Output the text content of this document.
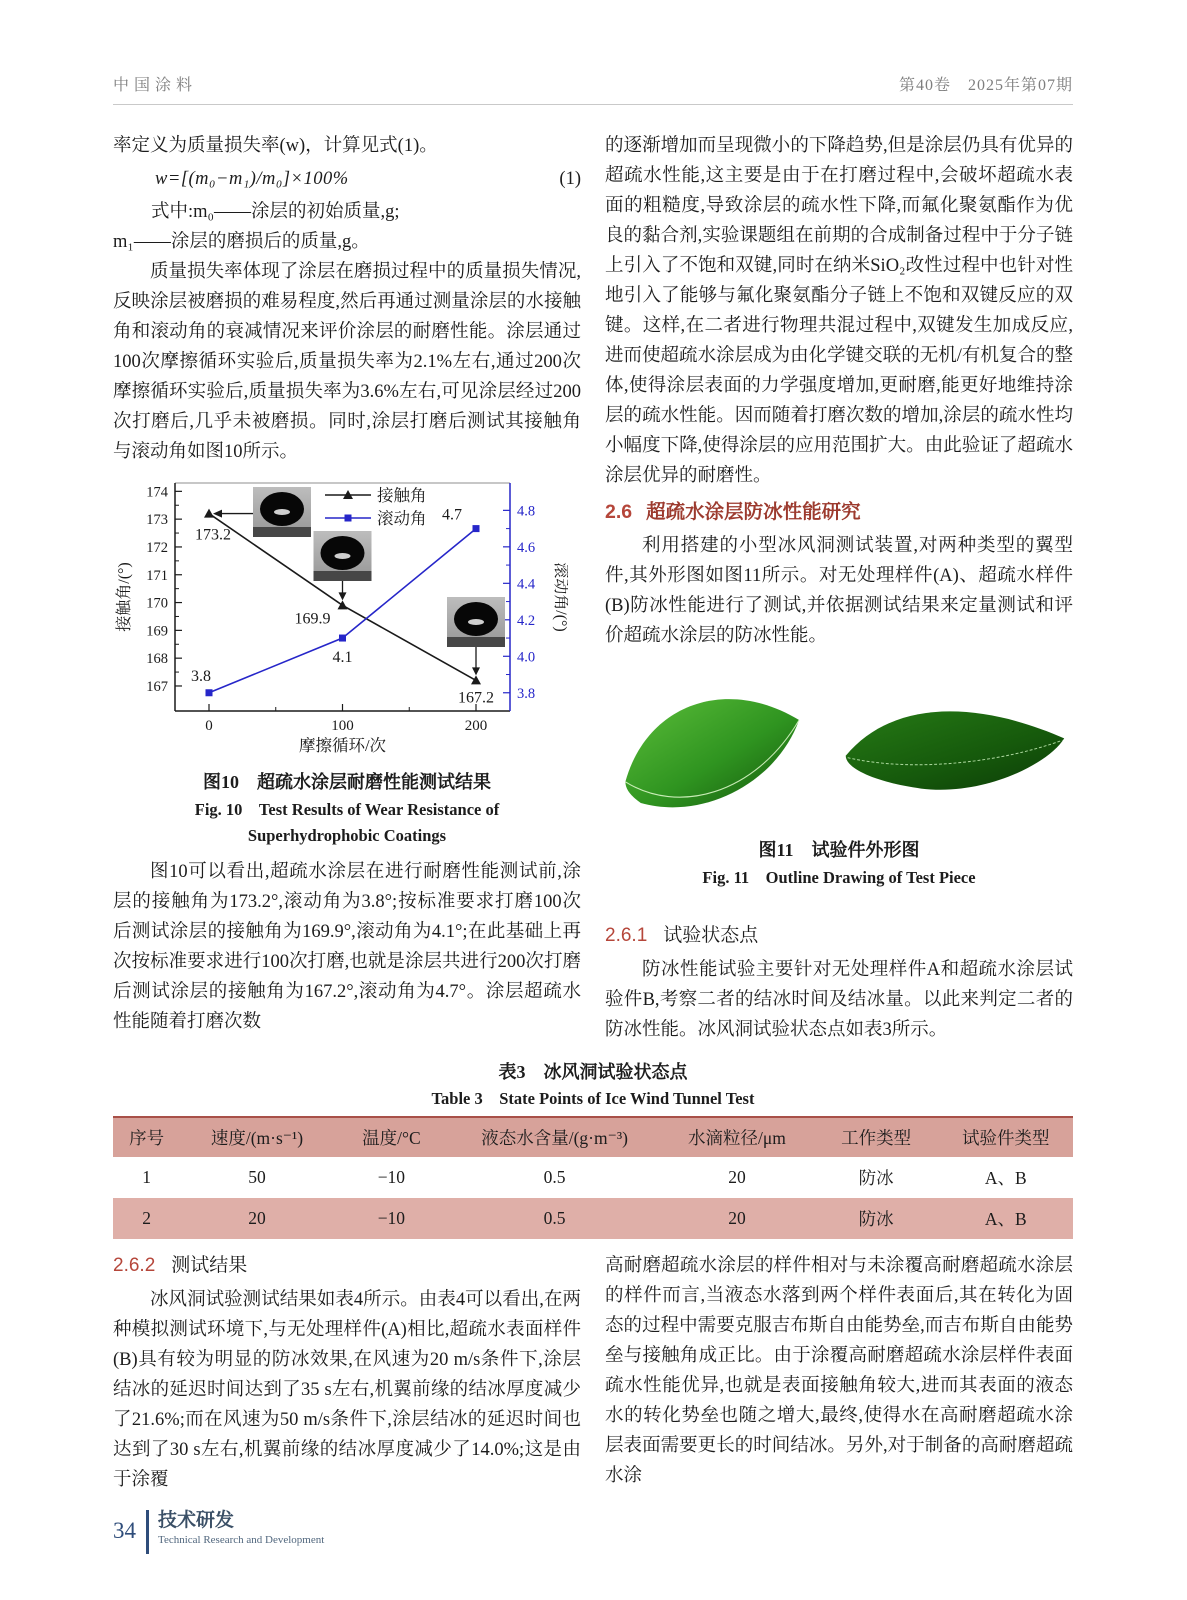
中国涂料	第40卷　2025年第07期

率定义为质量损失率(w)，计算见式(1)。

w=[(m₀−m₁)/m₀]×100%	(1)

式中:m₀——涂层的初始质量,g;

m₁——涂层的磨损后的质量,g。

质量损失率体现了涂层在磨损过程中的质量损失情况,反映涂层被磨损的难易程度,然后再通过测量涂层的水接触角和滚动角的衰减情况来评价涂层的耐磨性能。涂层通过100次摩擦循环实验后,质量损失率为2.1%左右,通过200次摩擦循环实验后,质量损失率为3.6%左右,可见涂层经过200次打磨后,几乎未被磨损。同时,涂层打磨后测试其接触角与滚动角如图10所示。

167
168
169
170
171
172
173
174
3.8
4.0
4.2
4.4
4.6
4.8
0	100	200
接触角/(°)	滚动角/(°)
摩擦循环/次
173.2
169.9
167.2
3.8
4.1
4.7
接触角
滚动角
图10　超疏水涂层耐磨性能测试结果
Fig. 10　Test Results of Wear Resistance of
Superhydrophobic Coatings

图10可以看出,超疏水涂层在进行耐磨性能测试前,涂层的接触角为173.2°,滚动角为3.8°;按标准要求打磨100次后测试涂层的接触角为169.9°,滚动角为4.1°;在此基础上再次按标准要求进行100次打磨,也就是涂层共进行200次打磨后测试涂层的接触角为167.2°,滚动角为4.7°。涂层超疏水性能随着打磨次数

的逐渐增加而呈现微小的下降趋势,但是涂层仍具有优异的超疏水性能,这主要是由于在打磨过程中,会破坏超疏水表面的粗糙度,导致涂层的疏水性下降,而氟化聚氨酯作为优良的黏合剂,实验课题组在前期的合成制备过程中于分子链上引入了不饱和双键,同时在纳米SiO₂改性过程中也针对性地引入了能够与氟化聚氨酯分子链上不饱和双键反应的双键。这样,在二者进行物理共混过程中,双键发生加成反应,进而使超疏水涂层成为由化学键交联的无机/有机复合的整体,使得涂层表面的力学强度增加,更耐磨,能更好地维持涂层的疏水性能。因而随着打磨次数的增加,涂层的疏水性均小幅度下降,使得涂层的应用范围扩大。由此验证了超疏水涂层优异的耐磨性。

2.6 超疏水涂层防冰性能研究

利用搭建的小型冰风洞测试装置,对两种类型的翼型件,其外形图如图11所示。对无处理样件(A)、超疏水样件(B)防冰性能进行了测试,并依据测试结果来定量测试和评价超疏水涂层的防冰性能。

图11　试验件外形图
Fig. 11　Outline Drawing of Test Piece
2.6.1 试验状态点

防冰性能试验主要针对无处理样件A和超疏水涂层试验件B,考察二者的结冰时间及结冰量。以此来判定二者的防冰性能。冰风洞试验状态点如表3所示。

表3　冰风洞试验状态点
Table 3　State Points of Ice Wind Tunnel Test
序号	速度/(m·s⁻¹)	温度/°C	液态水含量/(g·m⁻³)	水滴粒径/μm	工作类型	试验件类型
1	50	−10	0.5	20	防冰	A、B
2	20	−10	0.5	20	防冰	A、B
2.6.2 测试结果

冰风洞试验测试结果如表4所示。由表4可以看出,在两种模拟测试环境下,与无处理样件(A)相比,超疏水表面样件(B)具有较为明显的防冰效果,在风速为20 m/s条件下,涂层结冰的延迟时间达到了35 s左右,机翼前缘的结冰厚度减少了21.6%;而在风速为50 m/s条件下,涂层结冰的延迟时间也达到了30 s左右,机翼前缘的结冰厚度减少了14.0%;这是由于涂覆

高耐磨超疏水涂层的样件相对与未涂覆高耐磨超疏水涂层的样件而言,当液态水落到两个样件表面后,其在转化为固态的过程中需要克服吉布斯自由能势垒,而吉布斯自由能势垒与接触角成正比。由于涂覆高耐磨超疏水涂层样件表面疏水性能优异,也就是表面接触角较大,进而其表面的液态水的转化势垒也随之增大,最终,使得水在高耐磨超疏水涂层表面需要更长的时间结冰。另外,对于制备的高耐磨超疏水涂

34 技术研发
Technical Research and Development
